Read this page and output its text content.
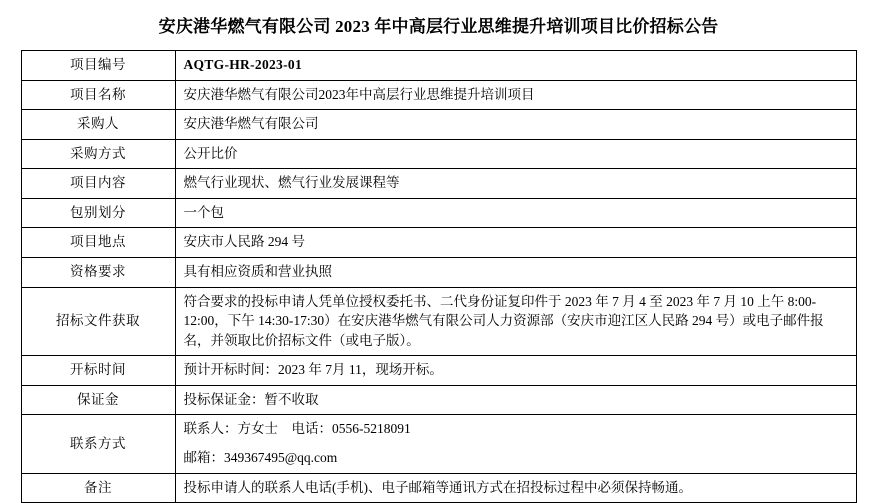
安庆港华燃气有限公司 2023 年中高层行业思维提升培训项目比价招标公告
项目编号	AQTG-HR-2023-01
项目名称	安庆港华燃气有限公司2023年中高层行业思维提升培训项目
采购人	安庆港华燃气有限公司
采购方式	公开比价
项目内容	燃气行业现状、燃气行业发展课程等
包别划分	一个包
项目地点	安庆市人民路 294 号
资格要求	具有相应资质和营业执照
招标文件获取	符合要求的投标申请人凭单位授权委托书、二代身份证复印件于 2023 年 7 月 4 至 2023 年 7 月 10 上午 8:00-12:00，下午 14:30-17:30）在安庆港华燃气有限公司人力资源部（安庆市迎江区人民路 294 号）或电子邮件报名，并领取比价招标文件（或电子版）。
开标时间	预计开标时间：2023 年 7月 11，现场开标。
保证金	投标保证金：暂不收取
联系方式	联系人：方女士　电话：0556-5218091
邮箱：349367495@qq.com

备注	投标申请人的联系人电话(手机)、电子邮箱等通讯方式在招投标过程中必须保持畅通。
